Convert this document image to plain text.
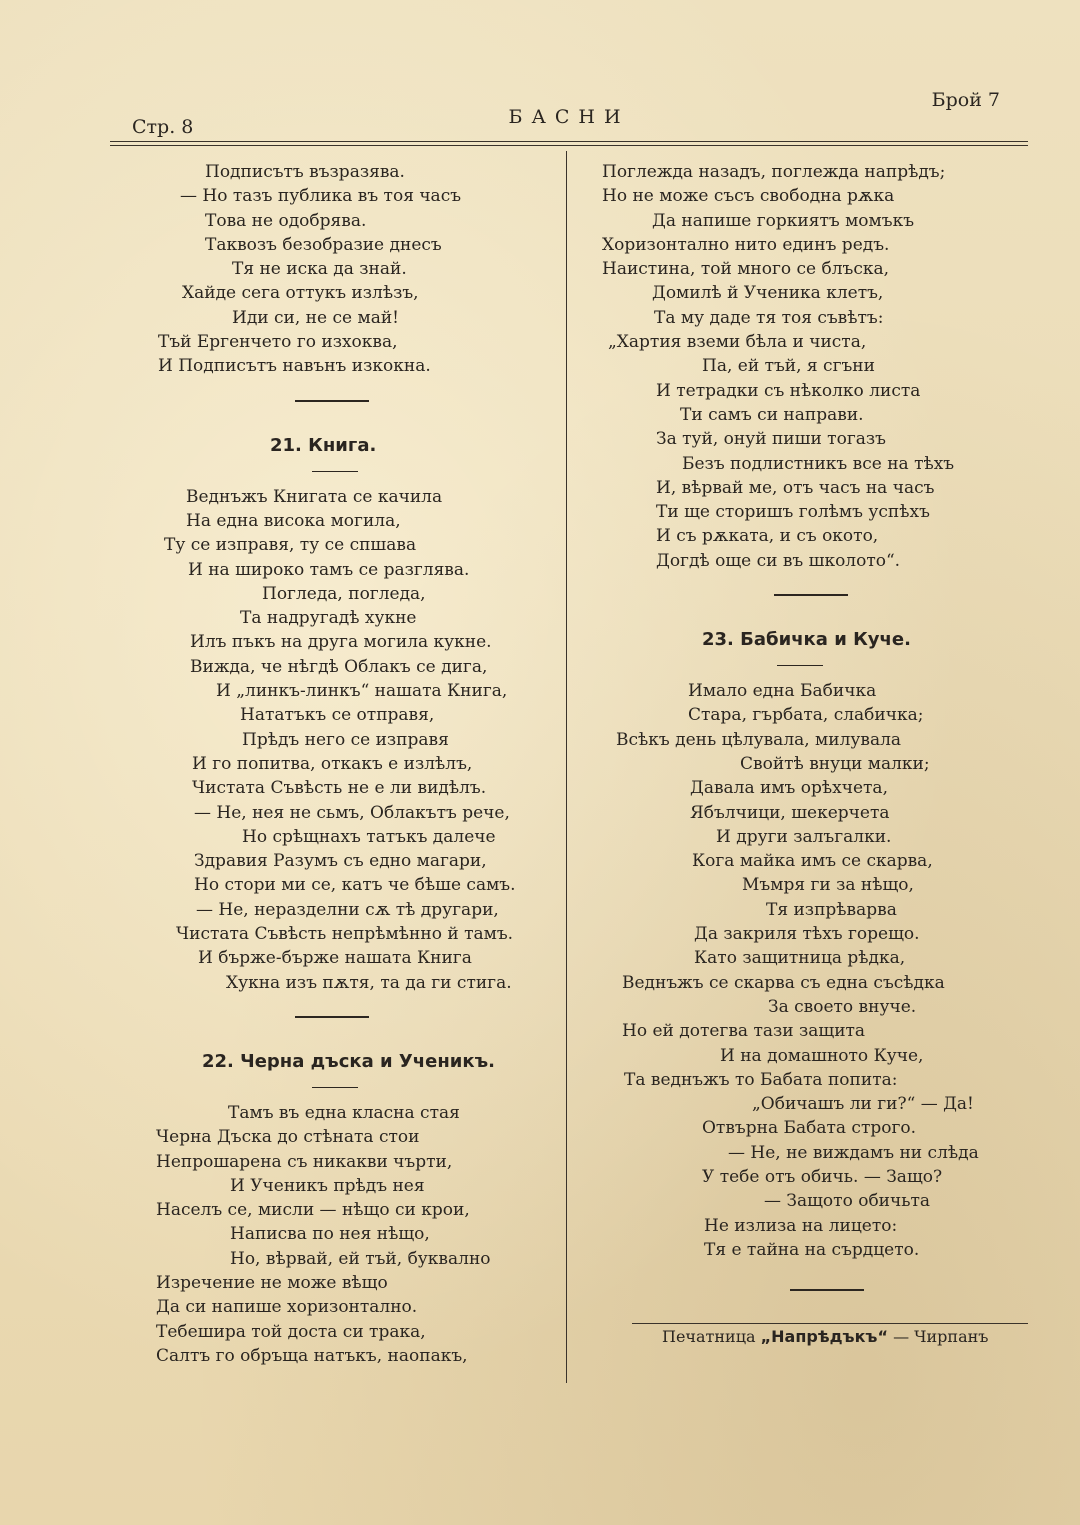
Стр. 8	БАСНИ
Брой 7
Подписътъ възразява.
— Но тазъ публика въ тоя часъ
Това не одобрява.
Таквозъ безобразие днесъ
Тя не иска да знай.
Хайде сега оттукъ излѣзъ,
Иди си, не се май!
Тъй Ергенчето го изхоква,
И Подписътъ навънъ изкокна.
21. Книга.
Веднъжъ Книгата се качила
На една висока могила,
Ту се изправя, ту се спшава
И на широко тамъ се разглява.
Погледа, погледа,
Та надругадѣ хукне
Илъ пъкъ на друга могила кукне.
Вижда, че нѣгдѣ Облакъ се дига,
И „линкъ-линкъ“ нашата Книга,
Нататъкъ се отправя,
Прѣдъ него се изправя
И го попитва, откакъ е излѣлъ,
Чистата Съвѣсть не е ли видѣлъ.
— Не, нея не сьмъ, Облакътъ рече,
Но срѣщнахъ татъкъ далече
Здравия Разумъ съ едно магари,
Но стори ми се, катъ че бѣше самъ.
— Не, неразделни сѫ тѣ другари,
Чистата Съвѣсть непрѣмѣнно й тамъ.
И бърже-бърже нашата Книга
Хукна изъ пѫтя, та да ги стига.
22. Черна дъска и Ученикъ.
Тамъ въ една класна стая
Черна Дъска до стѣната стои
Непрошарена съ никакви чърти,
И Ученикъ прѣдъ нея
Населъ се, мисли — нѣщо си крои,
Написва по нея нѣщо,
Но, вѣрвай, ей тъй, буквално
Изречение не може вѣщо
Да си напише хоризонтално.
Тебешира той доста си трака,
Салтъ го обръща натъкъ, наопакъ,
Поглежда назадъ, поглежда напрѣдъ;
Но не може съсъ свободна рѫка
Да напише горкиятъ момъкъ
Хоризонтално нито единъ редъ.
Наистина, той много се блъска,
Домилѣ й Ученика клетъ,
Та му даде тя тоя съвѣтъ:
„Хартия вземи бѣла и чиста,
Па, ей тъй, я сгъни
И тетрадки съ нѣколко листа
Ти самъ си направи.
За туй, онуй пиши тогазъ
Безъ подлистникъ все на тѣхъ
И, вѣрвай ме, отъ часъ на часъ
Ти ще сторишъ голѣмъ успѣхъ
И съ рѫката, и съ окото,
Догдѣ още си въ школото“.
23. Бабичка и Куче.
Имало една Бабичка
Стара, гърбата, слабичка;
Всѣкъ день цѣлувала, милувала
Свойтѣ внуци малки;
Давала имъ орѣхчета,
Ябълчици, шекерчета
И други залъгалки.
Кога майка имъ се скарва,
Мъмря ги за нѣщо,
Тя изпрѣварва
Да закриля тѣхъ горещо.
Като защитница рѣдка,
Веднъжъ се скарва съ една съсѣдка
За своето внуче.
Но ей дотегва тази защита
И на домашното Куче,
Та веднъжъ то Бабата попита:
„Обичашъ ли ги?“ — Да!
Отвърна Бабата строго.
— Не, не виждамъ ни слѣда
У тебе отъ обичь. — Защо?
— Защото обичьта
Не излиза на лицето:
Тя е тайна на сърдцето.
Печатница „Напрѣдъкъ“ — Чирпанъ
